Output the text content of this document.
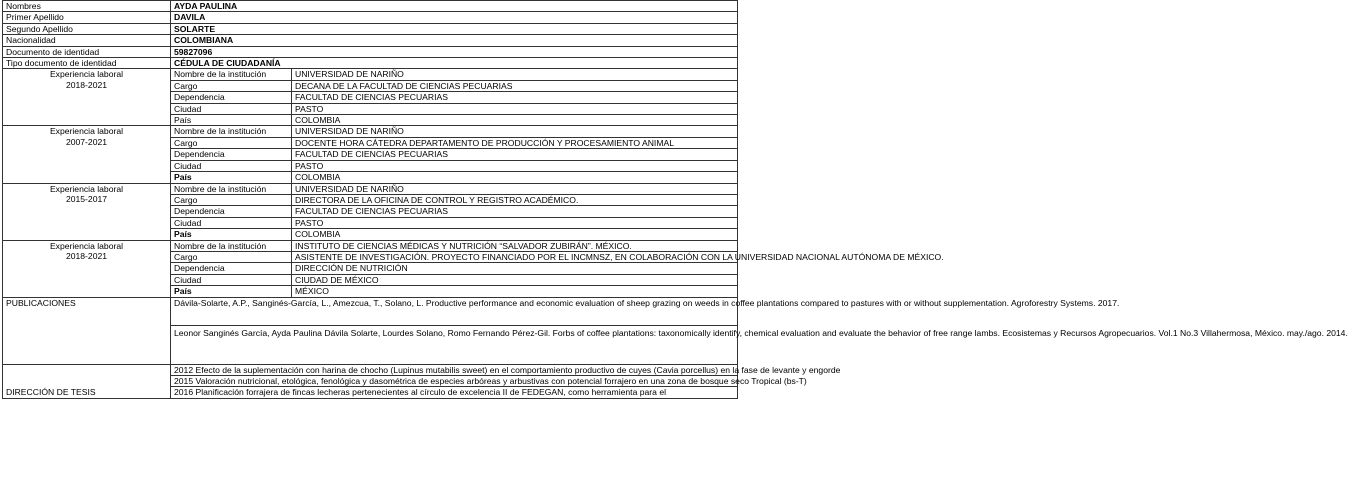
Nombres	AYDA PAULINA	
Primer Apellido	DAVILA	
Segundo Apellido	SOLARTE	
Nacionalidad	COLOMBIANA	
Documento de identidad	59827096	
Tipo documento de identidad	CÉDULA DE CIUDADANÍA	

Experiencia laboral
2018-2021	Nombre de la institución	UNIVERSIDAD DE NARIÑO
	Cargo	DECANA DE LA FACULTAD DE CIENCIAS PECUARIAS
	Dependencia	FACULTAD DE CIENCIAS PECUARIAS
	Ciudad	PASTO
	País	COLOMBIA

Experiencia laboral
2007-2021	Nombre de la institución	UNIVERSIDAD DE NARIÑO
	Cargo	DOCENTE HORA CÁTEDRA DEPARTAMENTO DE PRODUCCIÓN Y PROCESAMIENTO ANIMAL
	Dependencia	FACULTAD DE CIENCIAS PECUARIAS
	Ciudad	PASTO
	País	COLOMBIA

Experiencia laboral
2015-2017	Nombre de la institución	UNIVERSIDAD DE NARIÑO
	Cargo	DIRECTORA DE LA OFICINA DE CONTROL Y REGISTRO ACADÉMICO.
	Dependencia	FACULTAD DE CIENCIAS PECUARIAS
	Ciudad	PASTO
	País	COLOMBIA

Experiencia laboral
2018-2021	Nombre de la institución	INSTITUTO DE CIENCIAS MÉDICAS Y NUTRICIÓN “SALVADOR ZUBIRÁN”. MÉXICO.
	Cargo	ASISTENTE DE INVESTIGACIÓN. PROYECTO FINANCIADO POR EL INCMNSZ, EN COLABORACIÓN CON LA UNIVERSIDAD NACIONAL AUTÓNOMA DE MÉXICO.
	Dependencia	DIRECCIÓN DE NUTRICIÓN
	Ciudad	CIUDAD DE MÉXICO
	País	MÉXICO
PUBLICACIONES	Dávila-Solarte, A.P., Sanginés-García, L., Amezcua, T., Solano, L. Productive performance and economic evaluation of sheep grazing on weeds in coffee plantations compared to pastures with or without supplementation. Agroforestry Systems. 2017.	
	Leonor Sanginés García, Ayda Paulina Dávila Solarte, Lourdes Solano, Romo Fernando Pérez-Gil. Forbs of coffee plantations: taxonomically identify, chemical evaluation and evaluate the behavior of free range lambs. Ecosistemas y Recursos Agropecuarios. Vol.1 No.3 Villahermosa, México. may./ago. 2014.	
DIRECCIÓN DE TESIS	2012 Efecto de la suplementación con harina de chocho (Lupinus mutabilis sweet) en el comportamiento productivo de cuyes (Cavia porcellus) en la fase de levante y engorde	
	2015 Valoración nutricional, etológica, fenológica y dasométrica de especies arbóreas y arbustivas con potencial forrajero en una zona de bosque seco Tropical (bs-T)	
	2016 Planificación forrajera de fincas lecheras pertenecientes al círculo de excelencia II de FEDEGAN, como herramienta para el	
